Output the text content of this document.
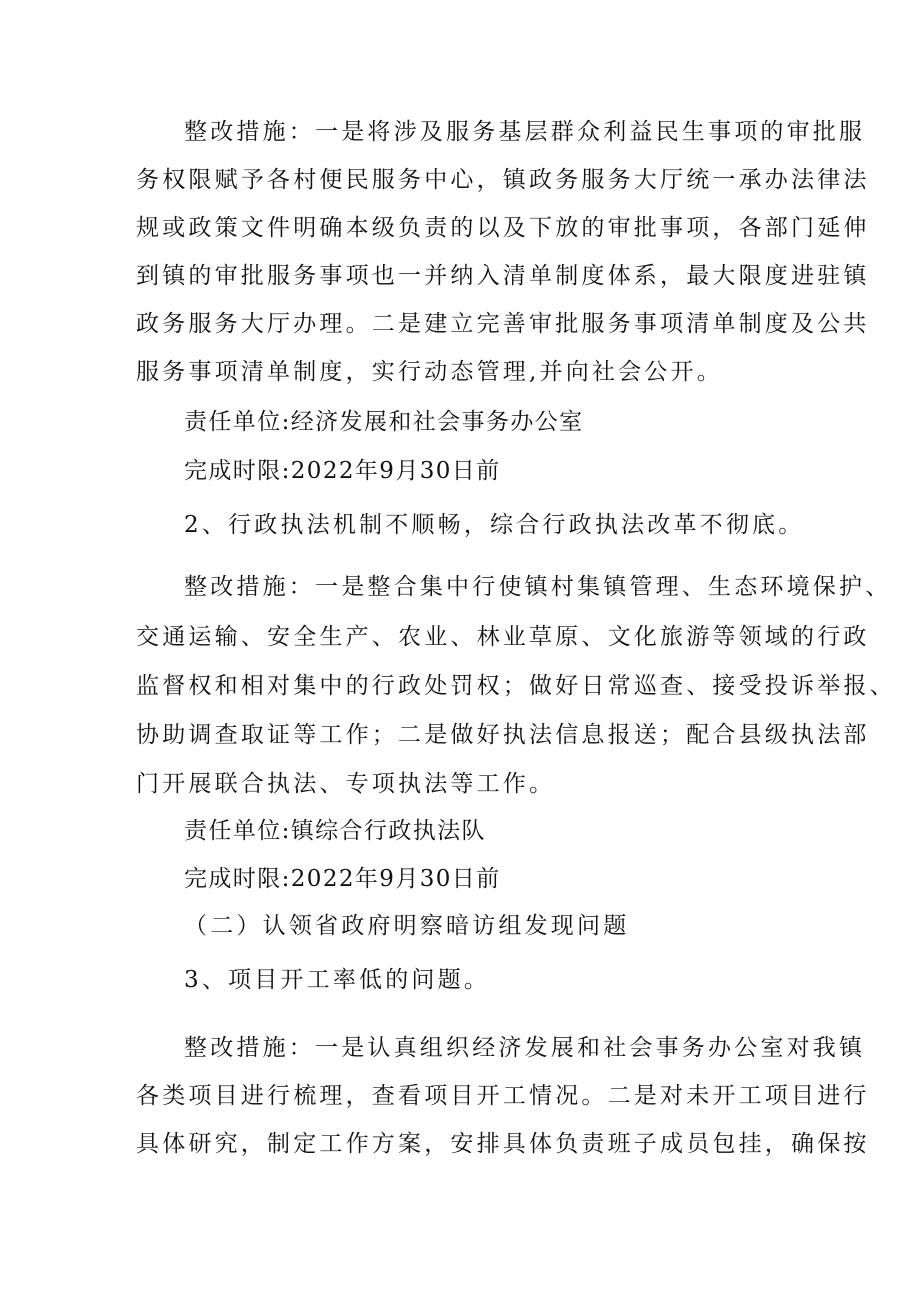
整改措施：一是将涉及服务基层群众利益民生事项的审批服
务权限赋予各村便民服务中心，镇政务服务大厅统一承办法律法
规或政策文件明确本级负责的以及下放的审批事项，各部门延伸
到镇的审批服务事项也一并纳入清单制度体系，最大限度进驻镇
政务服务大厅办理。二是建立完善审批服务事项清单制度及公共
服务事项清单制度，实行动态管理,并向社会公开。
责任单位:经济发展和社会事务办公室
完成时限:2022年9月30日前
2、行政执法机制不顺畅，综合行政执法改革不彻底。
整改措施：一是整合集中行使镇村集镇管理、生态环境保护、
交通运输、安全生产、农业、林业草原、文化旅游等领域的行政
监督权和相对集中的行政处罚权；做好日常巡查、接受投诉举报、
协助调查取证等工作；二是做好执法信息报送；配合县级执法部
门开展联合执法、专项执法等工作。
责任单位:镇综合行政执法队
完成时限:2022年9月30日前
（二）认领省政府明察暗访组发现问题
3、项目开工率低的问题。
整改措施：一是认真组织经济发展和社会事务办公室对我镇
各类项目进行梳理，查看项目开工情况。二是对未开工项目进行
具体研究，制定工作方案，安排具体负责班子成员包挂，确保按
